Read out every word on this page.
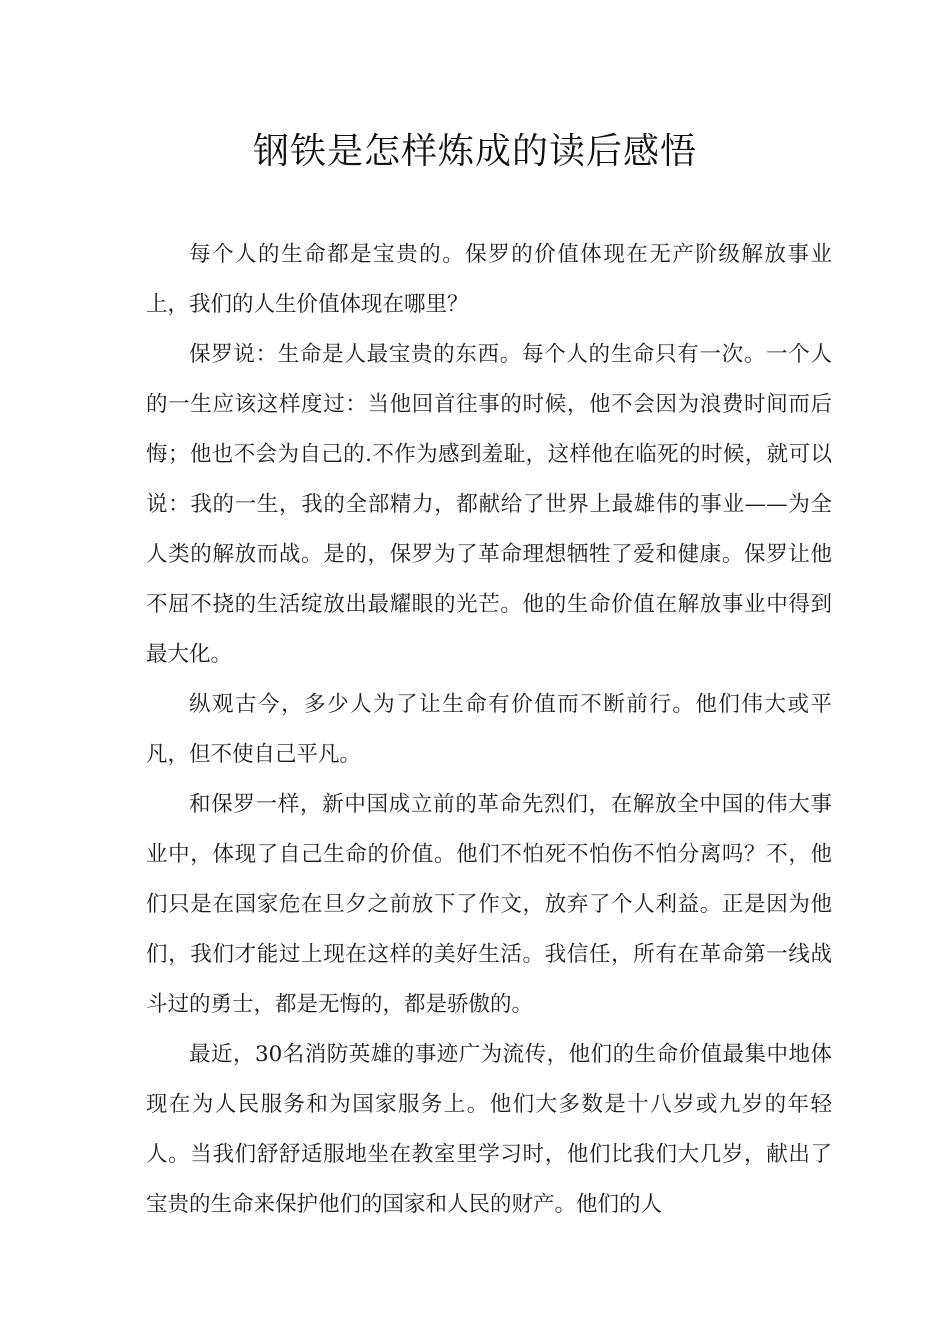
钢铁是怎样炼成的读后感悟

每个人的生命都是宝贵的。保罗的价值体现在无产阶级解放事业上，我们的人生价值体现在哪里？

保罗说：生命是人最宝贵的东西。每个人的生命只有一次。一个人的一生应该这样度过：当他回首往事的时候，他不会因为浪费时间而后悔；他也不会为自己的.不作为感到羞耻，这样他在临死的时候，就可以说：我的一生，我的全部精力，都献给了世界上最雄伟的事业——为全人类的解放而战。是的，保罗为了革命理想牺牲了爱和健康。保罗让他不屈不挠的生活绽放出最耀眼的光芒。他的生命价值在解放事业中得到最大化。

纵观古今，多少人为了让生命有价值而不断前行。他们伟大或平凡，但不使自己平凡。

和保罗一样，新中国成立前的革命先烈们，在解放全中国的伟大事业中，体现了自己生命的价值。他们不怕死不怕伤不怕分离吗？不，他们只是在国家危在旦夕之前放下了作文，放弃了个人利益。正是因为他们，我们才能过上现在这样的美好生活。我信任，所有在革命第一线战斗过的勇士，都是无悔的，都是骄傲的。

最近，30名消防英雄的事迹广为流传，他们的生命价值最集中地体现在为人民服务和为国家服务上。他们大多数是十八岁或九岁的年轻人。当我们舒舒适服地坐在教室里学习时，他们比我们大几岁，献出了宝贵的生命来保护他们的国家和人民的财产。他们的人
